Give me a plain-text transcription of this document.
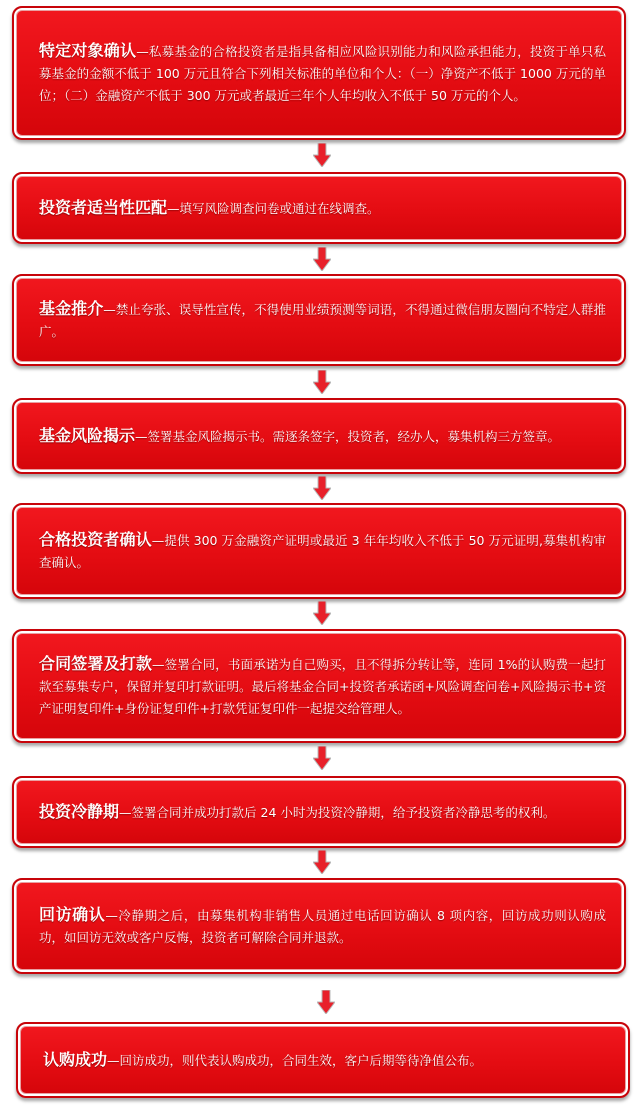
特定对象确认—私募基金的合格投资者是指具备相应风险识别能力和风险承担能力，投资于单只私募基金的金额不低于 100 万元且符合下列相关标准的单位和个人：（一）净资产不低于 1000 万元的单位；（二）金融资产不低于 300 万元或者最近三年个人年均收入不低于 50 万元的个人。

投资者适当性匹配—填写风险调查问卷或通过在线调查。

基金推介—禁止夸张、误导性宣传，不得使用业绩预测等词语，不得通过微信朋友圈向不特定人群推广。

基金风险揭示—签署基金风险揭示书。需逐条签字，投资者，经办人，募集机构三方签章。

合格投资者确认—提供 300 万金融资产证明或最近 3 年年均收入不低于 50 万元证明,募集机构审查确认。

合同签署及打款—签署合同，书面承诺为自己购买，且不得拆分转让等，连同 1%的认购费一起打款至募集专户，保留并复印打款证明。最后将基金合同+投资者承诺函+风险调查问卷+风险揭示书+资产证明复印件+身份证复印件+打款凭证复印件一起提交给管理人。

投资冷静期—签署合同并成功打款后 24 小时为投资冷静期，给予投资者冷静思考的权利。

回访确认—冷静期之后，由募集机构非销售人员通过电话回访确认 8 项内容，回访成功则认购成功，如回访无效或客户反悔，投资者可解除合同并退款。

认购成功—回访成功，则代表认购成功，合同生效，客户后期等待净值公布。
